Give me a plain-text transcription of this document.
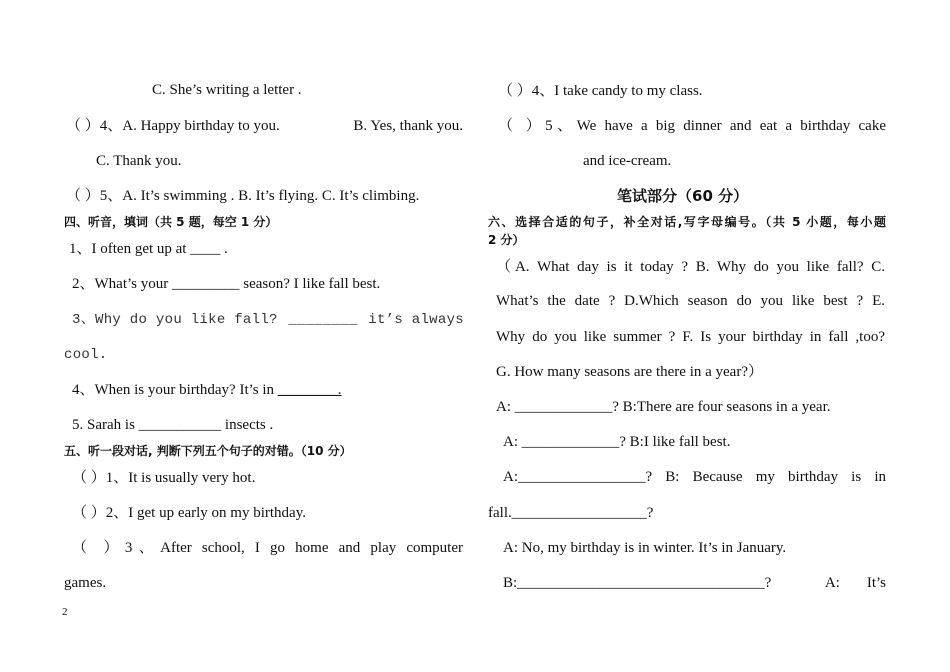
C. She’s writing a letter .
（ ）4、A. Happy birthday to you.	B. Yes, thank you.
C. Thank you.
（ ）5、A. It’s swimming . B. It’s flying. C. It’s climbing.
四、听音，填词（共 5 题，每空 1 分）
1、I often get up at ____ .
2、What’s your _________ season? I like fall best.
3、Why do you like fall? ________ it’s always
cool.
4、When is your birthday? It’s in ________.
5. Sarah is ___________ insects .
五、听一段对话, 判断下列五个句子的对错。（10 分）
（ ）1、It is usually very hot.
（ ）2、I get up early on my birthday.
（ ）3、After school, I go home and play computer
games.
2
（ ）4、I take candy to my class.
（ ）5、We have a big dinner and eat a birthday cake
and ice-cream.
笔试部分（60 分）
六、选择合适的句子，补全对话,写字母编号。（共 5 小题，每小题
2 分）
（A. What day is it today ? B. Why do you like fall? C.
What’s the date ? D.Which season do you like best ? E.
Why do you like summer ? F. Is your birthday in fall ,too?
G. How many seasons are there in a year?）
A: _____________? B:There are four seasons in a year.
A: _____________? B:I like fall best.
A:_________________? B: Because my birthday is in
fall.__________________?
A: No, my birthday is in winter. It’s in January.
B:_________________________________?	A: It’s
